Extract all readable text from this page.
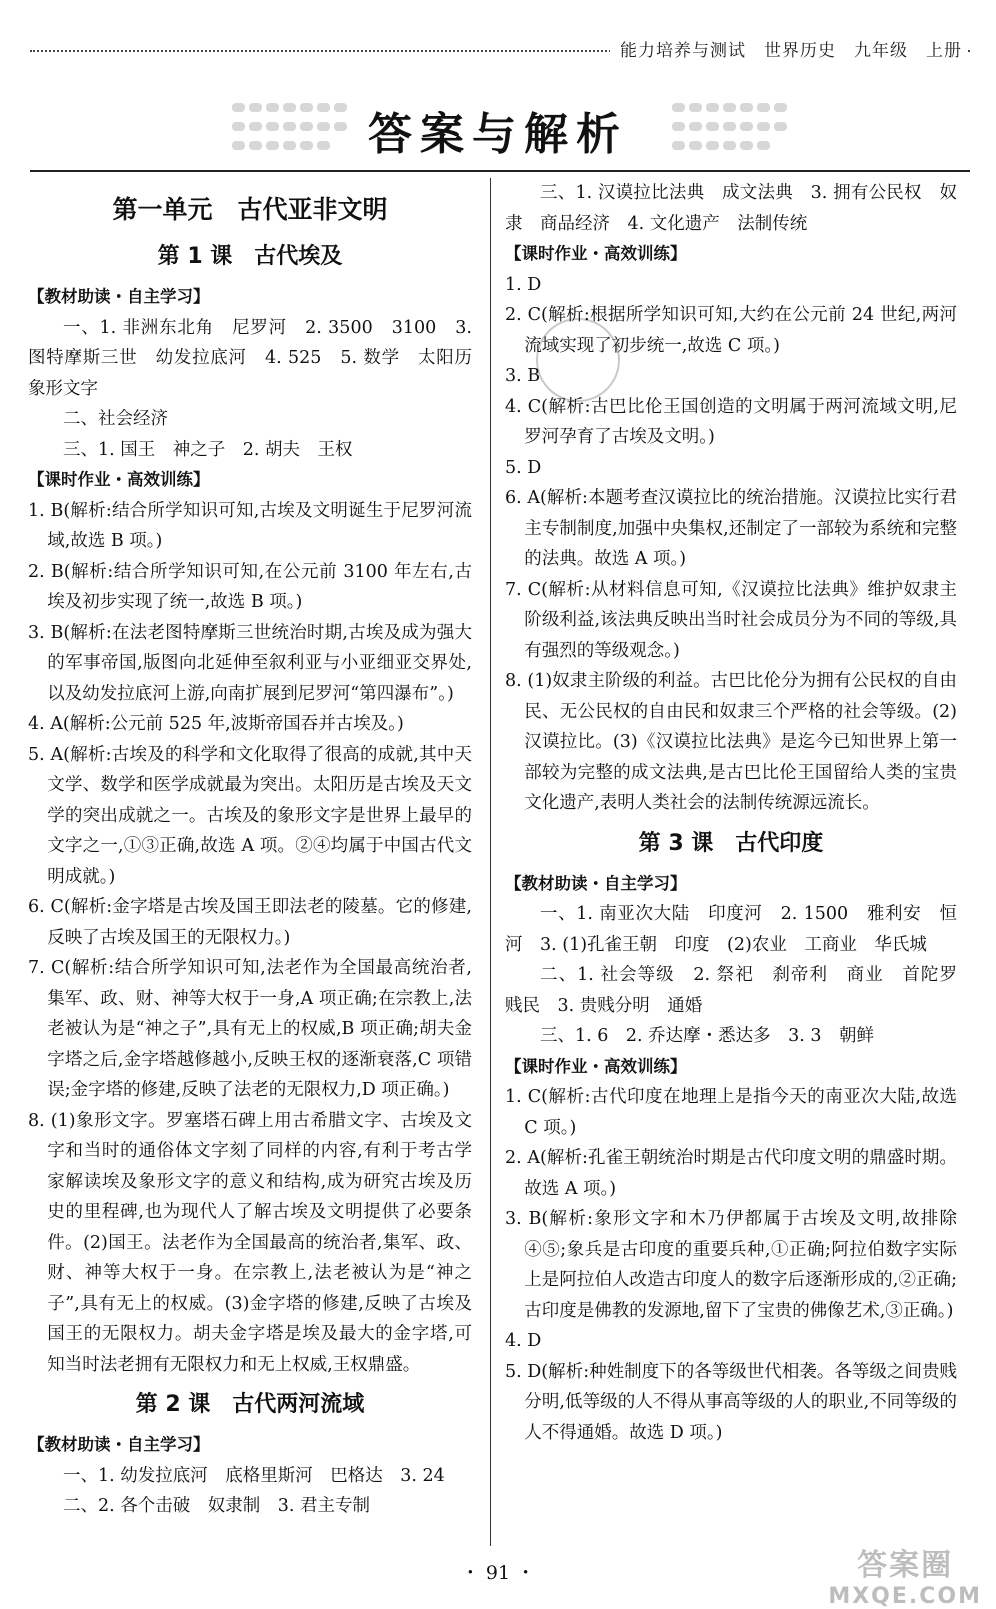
能力培养与测试　世界历史　九年级　上册

答案与解析
第一单元　古代亚非文明
第 1 课　古代埃及
【教材助读・自主学习】

一、1. 非洲东北角　尼罗河　2. 3500　3100　3. 图特摩斯三世　幼发拉底河　4. 525　5. 数学　太阳历　象形文字

二、社会经济

三、1. 国王　神之子　2. 胡夫　王权

【课时作业・高效训练】

1. B(解析:结合所学知识可知,古埃及文明诞生于尼罗河流域,故选 B 项。)

2. B(解析:结合所学知识可知,在公元前 3100 年左右,古埃及初步实现了统一,故选 B 项。)

3. B(解析:在法老图特摩斯三世统治时期,古埃及成为强大的军事帝国,版图向北延伸至叙利亚与小亚细亚交界处,以及幼发拉底河上游,向南扩展到尼罗河“第四瀑布”。)

4. A(解析:公元前 525 年,波斯帝国吞并古埃及。)

5. A(解析:古埃及的科学和文化取得了很高的成就,其中天文学、数学和医学成就最为突出。太阳历是古埃及天文学的突出成就之一。古埃及的象形文字是世界上最早的文字之一,①③正确,故选 A 项。②④均属于中国古代文明成就。)

6. C(解析:金字塔是古埃及国王即法老的陵墓。它的修建,反映了古埃及国王的无限权力。)

7. C(解析:结合所学知识可知,法老作为全国最高统治者,集军、政、财、神等大权于一身,A 项正确;在宗教上,法老被认为是“神之子”,具有无上的权威,B 项正确;胡夫金字塔之后,金字塔越修越小,反映王权的逐渐衰落,C 项错误;金字塔的修建,反映了法老的无限权力,D 项正确。)

8. (1)象形文字。罗塞塔石碑上用古希腊文字、古埃及文字和当时的通俗体文字刻了同样的内容,有利于考古学家解读埃及象形文字的意义和结构,成为研究古埃及历史的里程碑,也为现代人了解古埃及文明提供了必要条件。(2)国王。法老作为全国最高的统治者,集军、政、财、神等大权于一身。在宗教上,法老被认为是“神之子”,具有无上的权威。(3)金字塔的修建,反映了古埃及国王的无限权力。胡夫金字塔是埃及最大的金字塔,可知当时法老拥有无限权力和无上权威,王权鼎盛。

第 2 课　古代两河流域
【教材助读・自主学习】

一、1. 幼发拉底河　底格里斯河　巴格达　3. 24

二、2. 各个击破　奴隶制　3. 君主专制

三、1. 汉谟拉比法典　成文法典　3. 拥有公民权　奴隶　商品经济　4. 文化遗产　法制传统

【课时作业・高效训练】

1. D

2. C(解析:根据所学知识可知,大约在公元前 24 世纪,两河流域实现了初步统一,故选 C 项。)

3. B

4. C(解析:古巴比伦王国创造的文明属于两河流域文明,尼罗河孕育了古埃及文明。)

5. D

6. A(解析:本题考查汉谟拉比的统治措施。汉谟拉比实行君主专制制度,加强中央集权,还制定了一部较为系统和完整的法典。故选 A 项。)

7. C(解析:从材料信息可知,《汉谟拉比法典》维护奴隶主阶级利益,该法典反映出当时社会成员分为不同的等级,具有强烈的等级观念。)

8. (1)奴隶主阶级的利益。古巴比伦分为拥有公民权的自由民、无公民权的自由民和奴隶三个严格的社会等级。(2)汉谟拉比。(3)《汉谟拉比法典》是迄今已知世界上第一部较为完整的成文法典,是古巴比伦王国留给人类的宝贵文化遗产,表明人类社会的法制传统源远流长。

第 3 课　古代印度
【教材助读・自主学习】

一、1. 南亚次大陆　印度河　2. 1500　雅利安　恒河　3. (1)孔雀王朝　印度　(2)农业　工商业　华氏城

二、1. 社会等级　2. 祭祀　刹帝利　商业　首陀罗　贱民　3. 贵贱分明　通婚

三、1. 6　2. 乔达摩・悉达多　3. 3　朝鲜

【课时作业・高效训练】

1. C(解析:古代印度在地理上是指今天的南亚次大陆,故选 C 项。)

2. A(解析:孔雀王朝统治时期是古代印度文明的鼎盛时期。故选 A 项。)

3. B(解析:象形文字和木乃伊都属于古埃及文明,故排除④⑤;象兵是古印度的重要兵种,①正确;阿拉伯数字实际上是阿拉伯人改造古印度人的数字后逐渐形成的,②正确;古印度是佛教的发源地,留下了宝贵的佛像艺术,③正确。)

4. D

5. D(解析:种姓制度下的各等级世代相袭。各等级之间贵贱分明,低等级的人不得从事高等级的人的职业,不同等级的人不得通婚。故选 D 项。)

・ 91 ・	答案圈
MXQE.COM
